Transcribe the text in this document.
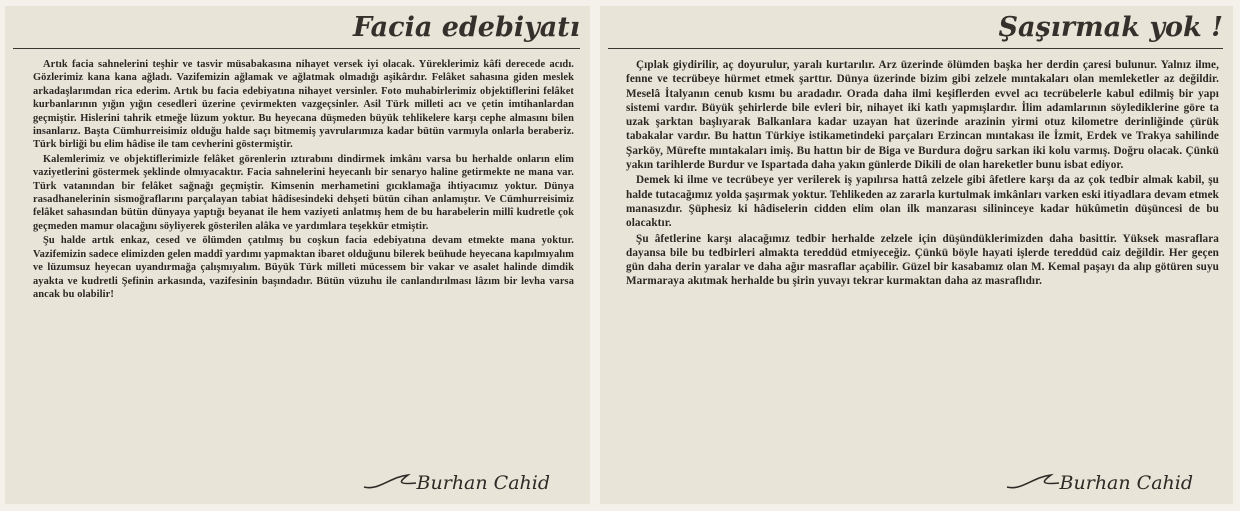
Facia edebiyatı

Artık facia sahnelerini teşhir ve tasvir müsabakasına nihayet versek iyi olacak. Yüreklerimiz kâfi derecede acıdı. Gözlerimiz kana kana ağladı. Vazifemizin ağlamak ve ağlatmak olmadığı aşikârdır. Felâket sahasına giden meslek arkadaşlarımdan rica ederim. Artık bu facia edebiyatına nihayet versinler. Foto muhabirlerimiz objektiflerini felâket kurbanlarının yığın yığın cesedleri üzerine çevirmekten vazgeçsinler. Asil Türk milleti acı ve çetin imtihanlardan geçmiştir. Hislerini tahrik etmeğe lüzum yoktur. Bu heyecana düşmeden büyük tehlikelere karşı cephe almasını bilen insanlarız. Başta Cümhurreisimiz olduğu halde saçı bitmemiş yavrularımıza kadar bütün varmıyla onlarla beraberiz. Türk birliği bu elim hâdise ile tam cevherini göstermiştir.

Kalemlerimiz ve objektiflerimizle felâket görenlerin ıztırabını dindirmek imkânı varsa bu herhalde onların elim vaziyetlerini göstermek şeklinde olmıyacaktır. Facia sahnelerini heyecanlı bir senaryo haline getirmekte ne mana var. Türk vatanından bir felâket sağnağı geçmiştir. Kimsenin merhametini gıcıklamağa ihtiyacımız yoktur. Dünya rasadhanelerinin sismoğraflarını parçalayan tabiat hâdisesindeki dehşeti bütün cihan anlamıştır. Ve Cümhurreisimiz felâket sahasından bütün dünyaya yaptığı beyanat ile hem vaziyeti anlatmış hem de bu harabelerin millî kudretle çok geçmeden mamur olacağını söyliyerek gösterilen alâka ve yardımlara teşekkür etmiştir.

Şu halde artık enkaz, cesed ve ölümden çatılmış bu coşkun facia edebiyatına devam etmekte mana yoktur. Vazifemizin sadece elimizden gelen maddî yardımı yapmaktan ibaret olduğunu bilerek beühude heyecana kapılmıyalım ve lüzumsuz heyecan uyandırmağa çalışmıyalım. Büyük Türk milleti mücessem bir vakar ve asalet halinde dimdik ayakta ve kudretli Şefinin arkasında, vazifesinin başındadır. Bütün vüzuhu ile canlandırılması lâzım bir levha varsa ancak bu olabilir!

Burhan Cahid
Şaşırmak yok !

Çıplak giydirilir, aç doyurulur, yaralı kurtarılır. Arz üzerinde ölümden başka her derdin çaresi bulunur. Yalnız ilme, fenne ve tecrübeye hürmet etmek şarttır. Dünya üzerinde bizim gibi zelzele mıntakaları olan memleketler az değildir. Meselâ İtalyanın cenub kısmı bu aradadır. Orada daha ilmi keşiflerden evvel acı tecrübelerle kabul edilmiş bir yapı sistemi vardır. Büyük şehirlerde bile evleri bir, nihayet iki katlı yapmışlardır. İlim adamlarının söylediklerine göre ta uzak şarktan başlıyarak Balkanlara kadar uzayan hat üzerinde arazinin yirmi otuz kilometre derinliğinde çürük tabakalar vardır. Bu hattın Türkiye istikametindeki parçaları Erzincan mıntakası ile İzmit, Erdek ve Trakya sahilinde Şarköy, Mürefte mıntakaları imiş. Bu hattın bir de Biga ve Burdura doğru sarkan iki kolu varmış. Doğru olacak. Çünkü yakın tarihlerde Burdur ve Ispartada daha yakın günlerde Dikili de olan hareketler bunu isbat ediyor.

Demek ki ilme ve tecrübeye yer verilerek iş yapılırsa hattâ zelzele gibi âfetlere karşı da az çok tedbir almak kabil, şu halde tutacağımız yolda şaşırmak yoktur. Tehlikeden az zararla kurtulmak imkânları varken eski itiyadlara devam etmek manasızdır. Şüphesiz ki hâdiselerin cidden elim olan ilk manzarası silininceye kadar hükûmetin düşüncesi de bu olacaktır.

Şu âfetlerine karşı alacağımız tedbir herhalde zelzele için düşündüklerimizden daha basittir. Yüksek masraflara dayansa bile bu tedbirleri almakta tereddüd etmiyeceğiz. Çünkü böyle hayati işlerde tereddüd caiz değildir. Her geçen gün daha derin yaralar ve daha ağır masraflar açabilir. Güzel bir kasabamız olan M. Kemal paşayı da alıp götüren suyu Marmaraya akıtmak herhalde bu şirin yuvayı tekrar kurmaktan daha az masraflıdır.

Burhan Cahid
